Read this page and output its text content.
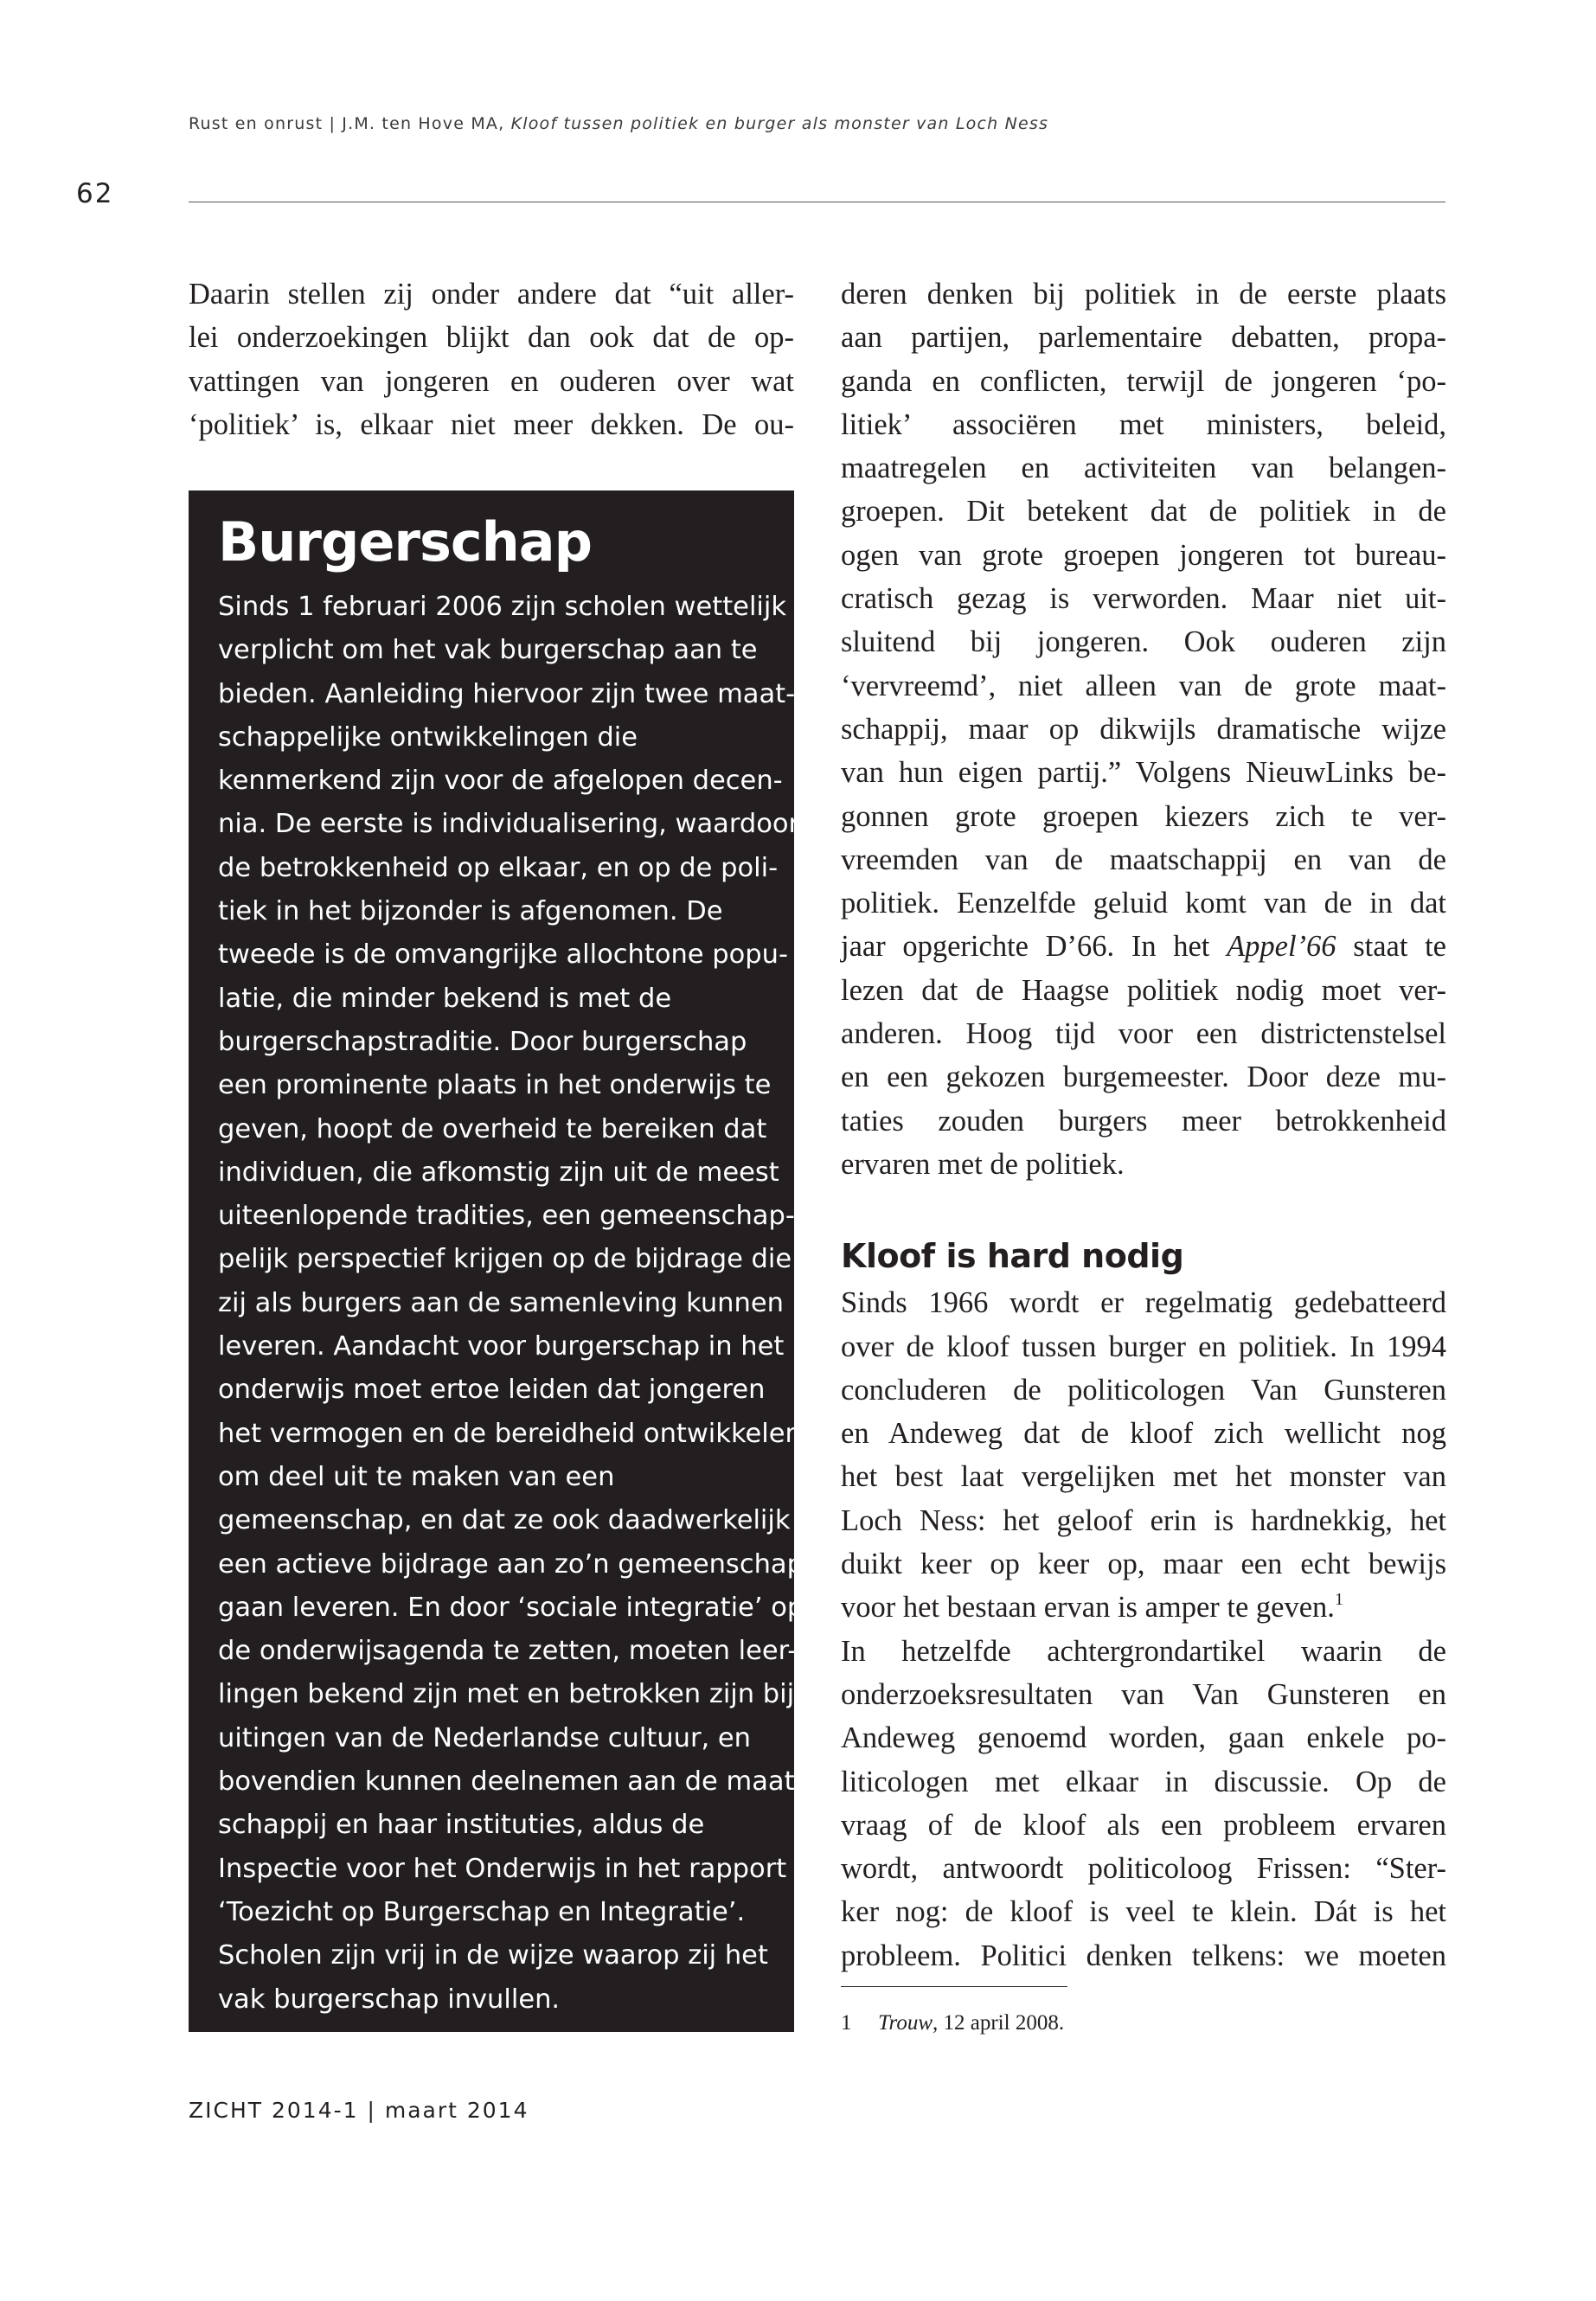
Rust en onrust | J.M. ten Hove MA, Kloof tussen politiek en burger als monster van Loch Ness
62
Daarin stellen zij onder andere dat “uit aller-
lei onderzoekingen blijkt dan ook dat de op-
vattingen van jongeren en ouderen over wat
‘politiek’ is, elkaar niet meer dekken. De ou-
Burgerschap
Sinds 1 februari 2006 zijn scholen wettelijk
verplicht om het vak burgerschap aan te
bieden. Aanleiding hiervoor zijn twee maat-
schappelijke ontwikkelingen die
kenmerkend zijn voor de afgelopen decen-
nia. De eerste is individualisering, waardoor
de betrokkenheid op elkaar, en op de poli-
tiek in het bijzonder is afgenomen. De
tweede is de omvangrijke allochtone popu-
latie, die minder bekend is met de
burgerschapstraditie. Door burgerschap
een prominente plaats in het onderwijs te
geven, hoopt de overheid te bereiken dat
individuen, die afkomstig zijn uit de meest
uiteenlopende tradities, een gemeenschap-
pelijk perspectief krijgen op de bijdrage die
zij als burgers aan de samenleving kunnen
leveren. Aandacht voor burgerschap in het
onderwijs moet ertoe leiden dat jongeren
het vermogen en de bereidheid ontwikkelen
om deel uit te maken van een
gemeenschap, en dat ze ook daadwerkelijk
een actieve bijdrage aan zo’n gemeenschap
gaan leveren. En door ‘sociale integratie’ op
de onderwijsagenda te zetten, moeten leer-
lingen bekend zijn met en betrokken zijn bij
uitingen van de Nederlandse cultuur, en
bovendien kunnen deelnemen aan de maat-
schappij en haar instituties, aldus de
Inspectie voor het Onderwijs in het rapport
‘Toezicht op Burgerschap en Integratie’.
Scholen zijn vrij in de wijze waarop zij het
vak burgerschap invullen.
deren denken bij politiek in de eerste plaats
aan partijen, parlementaire debatten, propa-
ganda en conflicten, terwijl de jongeren ‘po-
litiek’ associëren met ministers, beleid,
maatregelen en activiteiten van belangen-
groepen. Dit betekent dat de politiek in de
ogen van grote groepen jongeren tot bureau-
cratisch gezag is verworden. Maar niet uit-
sluitend bij jongeren. Ook ouderen zijn
‘vervreemd’, niet alleen van de grote maat-
schappij, maar op dikwijls dramatische wijze
van hun eigen partij.” Volgens NieuwLinks be-
gonnen grote groepen kiezers zich te ver-
vreemden van de maatschappij en van de
politiek. Eenzelfde geluid komt van de in dat
jaar opgerichte D’66. In het Appel’66 staat te
lezen dat de Haagse politiek nodig moet ver-
anderen. Hoog tijd voor een districtenstelsel
en een gekozen burgemeester. Door deze mu-
taties zouden burgers meer betrokkenheid
ervaren met de politiek.
Kloof is hard nodig
Sinds 1966 wordt er regelmatig gedebatteerd
over de kloof tussen burger en politiek. In 1994
concluderen de politicologen Van Gunsteren
en Andeweg dat de kloof zich wellicht nog
het best laat vergelijken met het monster van
Loch Ness: het geloof erin is hardnekkig, het
duikt keer op keer op, maar een echt bewijs
voor het bestaan ervan is amper te geven.$^1$
In hetzelfde achtergrondartikel waarin de
onderzoeksresultaten van Van Gunsteren en
Andeweg genoemd worden, gaan enkele po-
liticologen met elkaar in discussie. Op de
vraag of de kloof als een probleem ervaren
wordt, antwoordt politicoloog Frissen: “Ster-
ker nog: de kloof is veel te klein. Dát is het
probleem. Politici denken telkens: we moeten
1 Trouw, 12 april 2008.
ZICHT 2014-1 | maart 2014
